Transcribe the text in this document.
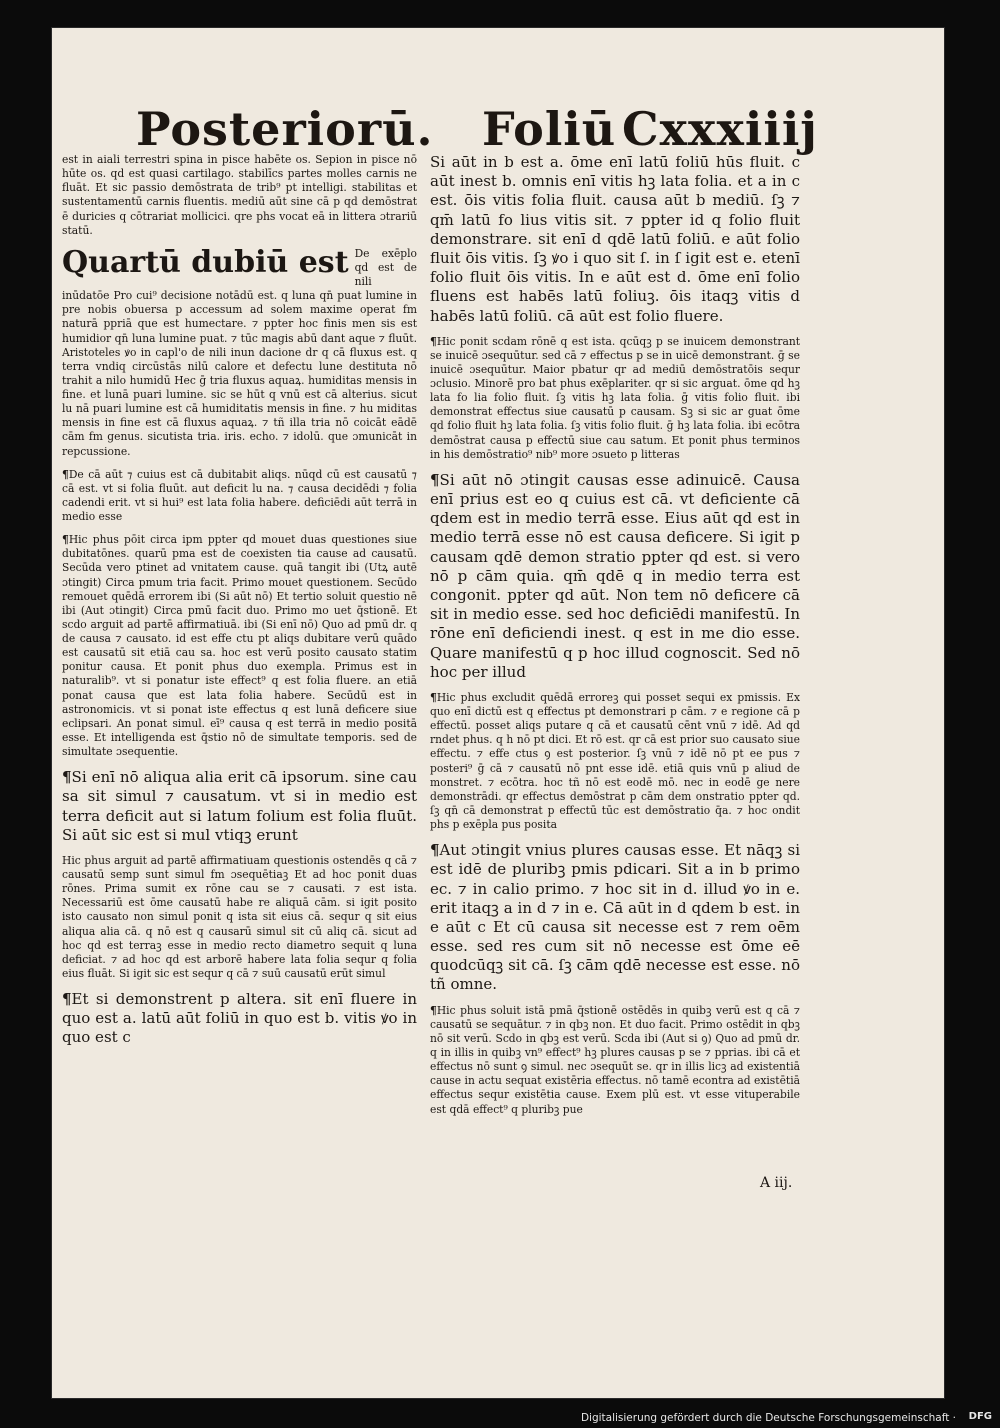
Posteriorū. Foliū Cxxxiiij

est in aiali terrestri spina in pisce habēte os. Sepion in pisce nō hūte os. qd est quasi cartilago. stabilīcs partes molles carnis ne fluāt. Et sic passio demōstrata de trib⁹ pt intelligi. stabilitas et sustentamentū carnis fluentis. mediū aūt sine cā p qd demōstrat ē duricies q cōtrariat mollicici. qre phs vocat eā in littera ɔtrariū statū.

Quartū dubiū est De exēplo qd est de nili inūdatōe Pro cui⁹ decisione notādū est. q luna qn̄ puat lumine in pre nobis obuersa p accessum ad solem maxime operat fm naturā ppriā que est humectare. ⁊ ppter hoc finis men sis est humidior qn̄ luna lumine puat. ⁊ tūc magis abū dant aque ⁊ fluūt. Aristoteles ꝟo in capl'o de nili inun dacione dr q cā fluxus est. q terra vndiq circūstās nilū calore et defectu lune destituta nō trahit a nilo humidū Hec ḡ tria fluxus aquaꝝ. humiditas mensis in fine. et lunā puari lumine. sic se hūt q vnū est cā alterius. sicut lu nā puari lumine est cā humiditatis mensis in fine. ⁊ hu miditas mensis in fine est cā fluxus aquaꝝ. ⁊ tñ illa tria nō coicāt eādē cām fm genus. sicutista tria. iris. echo. ⁊ idolū. que ɔmunicāt in repcussione.

¶De cā aūt ⁊ cuius est cā dubitabit aliqs. nūqd cū est causatū ⁊ cā est. vt si folia fluūt. aut deficit lu na. ⁊ causa decidēdi ⁊ folia cadendi erit. vt si hui⁹ est lata folia habere. deficiēdi aūt terrā in medio esse

¶Hic phus pōit circa ipm ppter qd mouet duas questiones siue dubitatōnes. quarū pma est de coexisten tia cause ad causatū. Secūda vero ptinet ad vnitatem cause. quā tangit ibi (Utꝝ autē ɔtingit) Circa pmum tria facit. Primo mouet questionem. Secūdo remouet quēdā errorem ibi (Si aūt nō) Et tertio soluit questio nē ibi (Aut ɔtingit) Circa pmū facit duo. Primo mo uet q̄stionē. Et scdo arguit ad partē affirmatiuā. ibi (Si enī nō) Quo ad pmū dr. q de causa ⁊ causato. id est effe ctu pt aliqs dubitare verū quādo est causatū sit etiā cau sa. hoc est verū posito causato statim ponitur causa. Et ponit phus duo exempla. Primus est in naturalib⁹. vt si ponatur iste effect⁹ q est folia fluere. an etiā ponat causa que est lata folia habere. Secūdū est in astronomicis. vt si ponat iste effectus q est lunā deficere siue eclipsari. An ponat simul. eī⁹ causa q est terrā in medio positā esse. Et intelligenda est q̄stio nō de simultate temporis. sed de simultate ɔsequentie.

¶Si enī nō aliqua alia erit cā ipsorum. sine cau sa sit simul ⁊ causatum. vt si in medio est terra deficit aut si latum folium est folia fluūt. Si aūt sic est si mul vtiqꝫ erunt

Hic phus arguit ad partē affirmatiuam questionis ostendēs q cā ⁊ causatū semp sunt simul fm ɔsequētiaꝫ Et ad hoc ponit duas rōnes. Prima sumit ex rōne cau se ⁊ causati. ⁊ est ista. Necessariū est ōme causatū habe re aliquā cām. si igit posito isto causato non simul ponit q ista sit eius cā. sequr q sit eius aliqua alia cā. q nō est q causarū simul sit cū aliq cā. sicut ad hoc qd est terraꝫ esse in medio recto diametro sequit q luna deficiat. ⁊ ad hoc qd est arborē habere lata folia sequr q folia eius fluāt. Si igit sic est sequr q cā ⁊ suū causatū erūt simul

¶Et si demonstrent p altera. sit enī fluere in quo est a. latū aūt foliū in quo est b. vitis ꝟo in quo est c

Si aūt in b est a. ōme enī latū foliū hūs fluit. c aūt inest b. omnis enī vitis hꝫ lata folia. et a in c est. ōis vitis folia fluit. causa aūt b mediū. ſꝫ ⁊ qm̄ latū fo lius vitis sit. ⁊ ppter id q folio fluit demonstrare. sit enī d qdē latū foliū. e aūt folio fluit ōis vitis. ſꝫ ꝟo i quo sit ſ. in ſ igit est e. etenī folio fluit ōis vitis. In e aūt est d. ōme enī folio fluens est habēs latū foliuꝫ. ōis itaqꝫ vitis d habēs latū foliū. cā aūt est folio fluere.

¶Hic ponit scdam rōnē q est ista. qcūqꝫ p se inuicem demonstrant se inuicē ɔsequūtur. sed cā ⁊ effectus p se in uicē demonstrant. ḡ se inuicē ɔsequūtur. Maior pbatur qr ad mediū demōstratōis sequr ɔclusio. Minorē pro bat phus exēplariter. qr si sic arguat. ōme qd hꝫ lata fo lia folio fluit. ſꝫ vitis hꝫ lata folia. ḡ vitis folio fluit. ibi demonstrat effectus siue causatū p causam. Sꝫ si sic ar guat ōme qd folio fluit hꝫ lata folia. ſꝫ vitis folio fluit. ḡ hꝫ lata folia. ibi ecōtra demōstrat causa p effectū siue cau satum. Et ponit phus terminos in his demōstratio⁹ nib⁹ more ɔsueto p litteras

¶Si aūt nō ɔtingit causas esse adinuicē. Causa enī prius est eo q cuius est cā. vt deficiente cā qdem est in medio terrā esse. Eius aūt qd est in medio terrā esse nō est causa deficere. Si igit p causam qdē demon stratio ppter qd est. si vero nō p cām quia. qm̄ qdē q in medio terra est congonit. ppter qd aūt. Non tem nō deficere cā sit in medio esse. sed hoc deficiēdi manifestū. In rōne enī deficiendi inest. q est in me dio esse. Quare manifestū q p hoc illud cognoscit. Sed nō hoc per illud

¶Hic phus excludit quēdā erroreꝫ qui posset sequi ex pmissis. Ex quo enī dictū est q effectus pt demonstrari p cām. ⁊ e regione cā p effectū. posset aliqs putare q cā et causatū cēnt vnū ⁊ idē. Ad qd rndet phus. q h nō pt dici. Et rō est. qr cā est prior suo causato siue effectu. ⁊ effe ctus ꝯ est posterior. ſꝫ vnū ⁊ idē nō pt ee pus ⁊ posteri⁹ ḡ cā ⁊ causatū nō pnt esse idē. etiā quis vnū p aliud de monstret. ⁊ ecōtra. hoc tñ nō est eodē mō. nec in eodē ge nere demonstrādi. qr effectus demōstrat p cām dem onstratio ppter qd. ſꝫ qn̄ cā demonstrat p effectū tūc est demōstratio q̄a. ⁊ hoc ondit phs p exēpla pus posita

¶Aut ɔtingit vnius plures causas esse. Et nāqꝫ si est idē de pluribꝫ pmis pdicari. Sit a in b primo ec. ⁊ in calio primo. ⁊ hoc sit in d. illud ꝟo in e. erit itaqꝫ a in d ⁊ in e. Cā aūt in d qdem b est. in e aūt c Et cū causa sit necesse est ⁊ rem oēm esse. sed res cum sit nō necesse est ōme eē quodcūqꝫ sit cā. ſꝫ cām qdē necesse est esse. nō tñ omne.

¶Hic phus soluit istā pmā q̄stionē ostēdēs in quibꝫ verū est q cā ⁊ causatū se sequātur. ⁊ in qbꝫ non. Et duo facit. Primo ostēdit in qbꝫ nō sit verū. Scdo in qbꝫ est verū. Scda ibi (Aut si ꝯ) Quo ad pmū dr. q in illis in quibꝫ vn⁹ effect⁹ hꝫ plures causas p se ⁊ pprias. ibi cā et effectus nō sunt ꝯ simul. nec ɔsequūt se. qr in illis licꝫ ad existentiā cause in actu sequat existēria effectus. nō tamē econtra ad existētiā effectus sequr existētia cause. Exem plū est. vt esse vituperabile est qdā effect⁹ q pluribꝫ pue

A iij.
Digitalisierung gefördert durch die Deutsche Forschungsgemeinschaft · DFG
